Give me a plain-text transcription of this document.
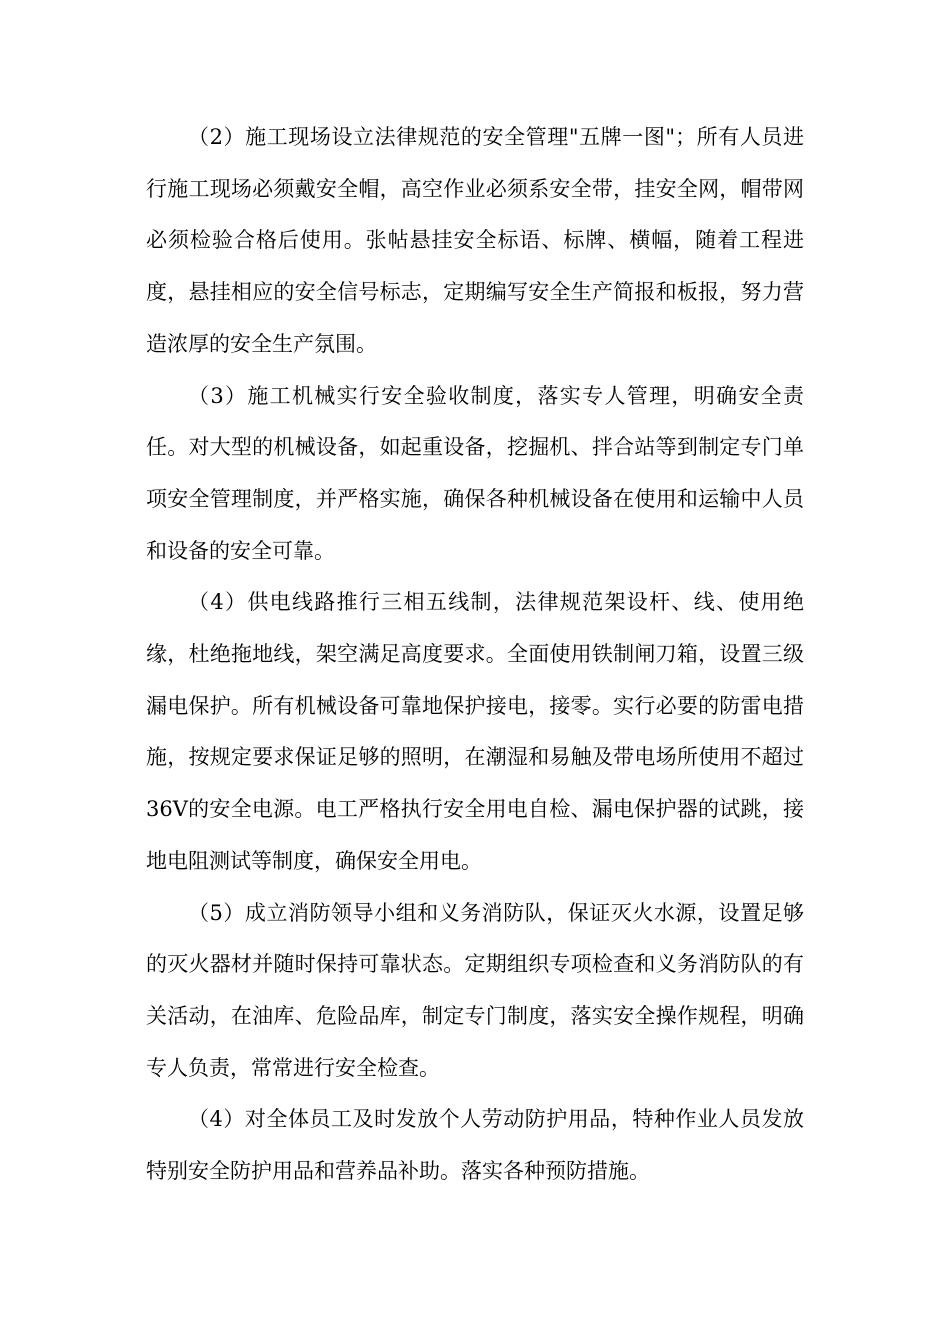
（2）施工现场设立法律规范的安全管理"五牌一图"；所有人员进行施工现场必须戴安全帽，高空作业必须系安全带，挂安全网，帽带网必须检验合格后使用。张帖悬挂安全标语、标牌、横幅，随着工程进度，悬挂相应的安全信号标志，定期编写安全生产简报和板报，努力营造浓厚的安全生产氛围。

（3）施工机械实行安全验收制度，落实专人管理，明确安全责任。对大型的机械设备，如起重设备，挖掘机、拌合站等到制定专门单项安全管理制度，并严格实施，确保各种机械设备在使用和运输中人员和设备的安全可靠。

（4）供电线路推行三相五线制，法律规范架设杆、线、使用绝缘，杜绝拖地线，架空满足高度要求。全面使用铁制闸刀箱，设置三级漏电保护。所有机械设备可靠地保护接电，接零。实行必要的防雷电措施，按规定要求保证足够的照明，在潮湿和易触及带电场所使用不超过36V的安全电源。电工严格执行安全用电自检、漏电保护器的试跳，接地电阻测试等制度，确保安全用电。

（5）成立消防领导小组和义务消防队，保证灭火水源，设置足够的灭火器材并随时保持可靠状态。定期组织专项检查和义务消防队的有关活动，在油库、危险品库，制定专门制度，落实安全操作规程，明确专人负责，常常进行安全检查。

（4）对全体员工及时发放个人劳动防护用品，特种作业人员发放特别安全防护用品和营养品补助。落实各种预防措施。
